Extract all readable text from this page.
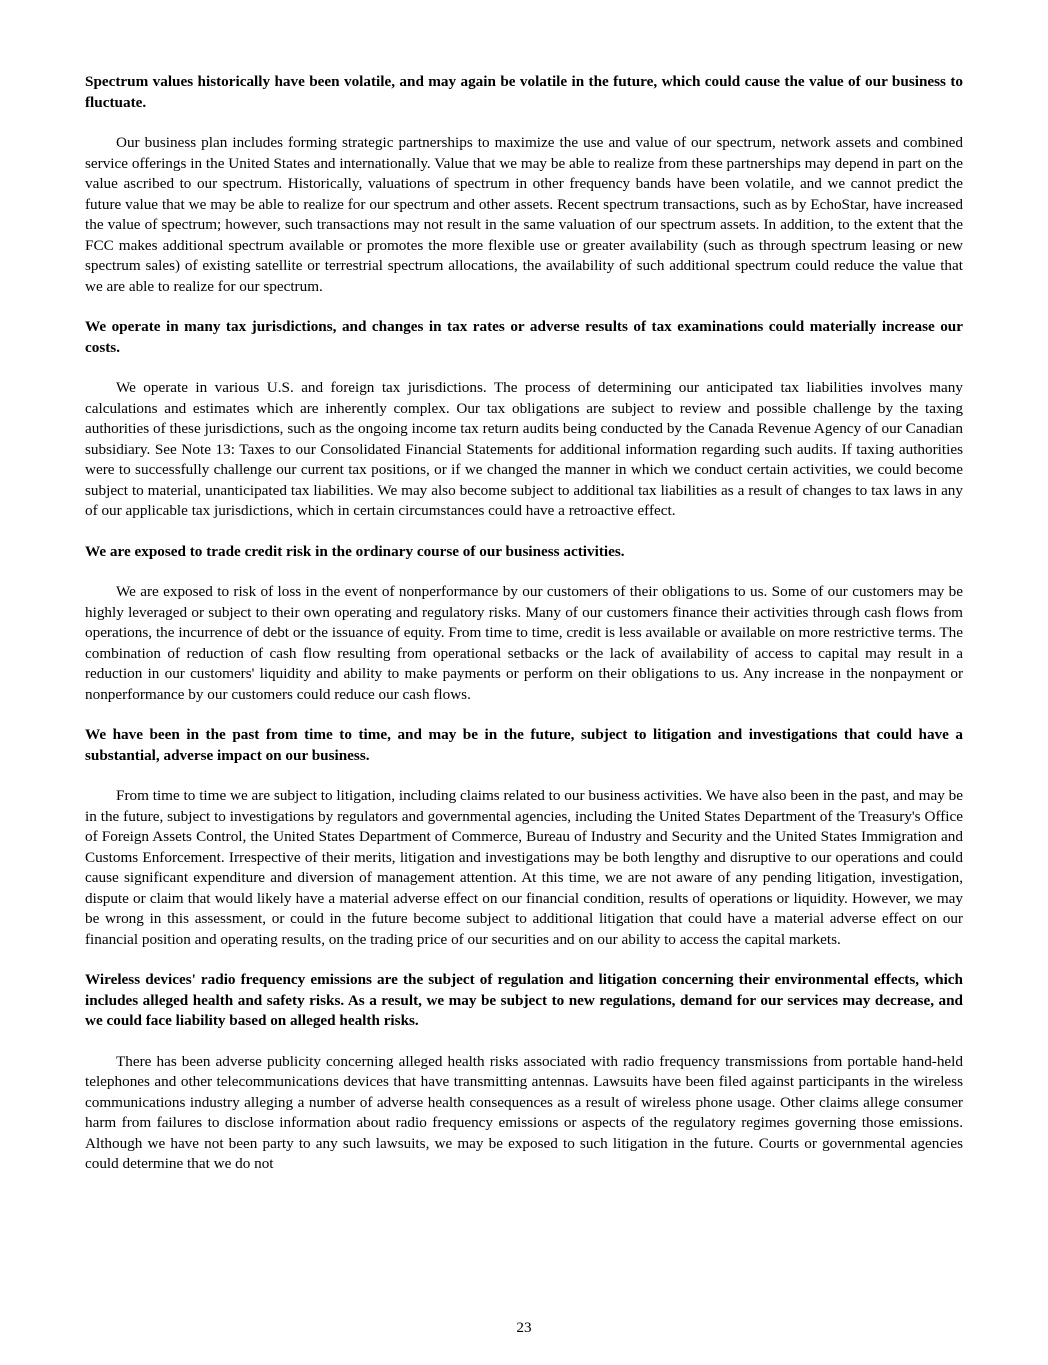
Spectrum values historically have been volatile, and may again be volatile in the future, which could cause the value of our business to fluctuate.

Our business plan includes forming strategic partnerships to maximize the use and value of our spectrum, network assets and combined service offerings in the United States and internationally. Value that we may be able to realize from these partnerships may depend in part on the value ascribed to our spectrum. Historically, valuations of spectrum in other frequency bands have been volatile, and we cannot predict the future value that we may be able to realize for our spectrum and other assets. Recent spectrum transactions, such as by EchoStar, have increased the value of spectrum; however, such transactions may not result in the same valuation of our spectrum assets. In addition, to the extent that the FCC makes additional spectrum available or promotes the more flexible use or greater availability (such as through spectrum leasing or new spectrum sales) of existing satellite or terrestrial spectrum allocations, the availability of such additional spectrum could reduce the value that we are able to realize for our spectrum.

We operate in many tax jurisdictions, and changes in tax rates or adverse results of tax examinations could materially increase our costs.

We operate in various U.S. and foreign tax jurisdictions. The process of determining our anticipated tax liabilities involves many calculations and estimates which are inherently complex. Our tax obligations are subject to review and possible challenge by the taxing authorities of these jurisdictions, such as the ongoing income tax return audits being conducted by the Canada Revenue Agency of our Canadian subsidiary. See Note 13: Taxes to our Consolidated Financial Statements for additional information regarding such audits. If taxing authorities were to successfully challenge our current tax positions, or if we changed the manner in which we conduct certain activities, we could become subject to material, unanticipated tax liabilities. We may also become subject to additional tax liabilities as a result of changes to tax laws in any of our applicable tax jurisdictions, which in certain circumstances could have a retroactive effect.

We are exposed to trade credit risk in the ordinary course of our business activities.

We are exposed to risk of loss in the event of nonperformance by our customers of their obligations to us. Some of our customers may be highly leveraged or subject to their own operating and regulatory risks. Many of our customers finance their activities through cash flows from operations, the incurrence of debt or the issuance of equity. From time to time, credit is less available or available on more restrictive terms. The combination of reduction of cash flow resulting from operational setbacks or the lack of availability of access to capital may result in a reduction in our customers' liquidity and ability to make payments or perform on their obligations to us. Any increase in the nonpayment or nonperformance by our customers could reduce our cash flows.

We have been in the past from time to time, and may be in the future, subject to litigation and investigations that could have a substantial, adverse impact on our business.

From time to time we are subject to litigation, including claims related to our business activities. We have also been in the past, and may be in the future, subject to investigations by regulators and governmental agencies, including the United States Department of the Treasury's Office of Foreign Assets Control, the United States Department of Commerce, Bureau of Industry and Security and the United States Immigration and Customs Enforcement. Irrespective of their merits, litigation and investigations may be both lengthy and disruptive to our operations and could cause significant expenditure and diversion of management attention. At this time, we are not aware of any pending litigation, investigation, dispute or claim that would likely have a material adverse effect on our financial condition, results of operations or liquidity. However, we may be wrong in this assessment, or could in the future become subject to additional litigation that could have a material adverse effect on our financial position and operating results, on the trading price of our securities and on our ability to access the capital markets.

Wireless devices' radio frequency emissions are the subject of regulation and litigation concerning their environmental effects, which includes alleged health and safety risks. As a result, we may be subject to new regulations, demand for our services may decrease, and we could face liability based on alleged health risks.

There has been adverse publicity concerning alleged health risks associated with radio frequency transmissions from portable hand-held telephones and other telecommunications devices that have transmitting antennas. Lawsuits have been filed against participants in the wireless communications industry alleging a number of adverse health consequences as a result of wireless phone usage. Other claims allege consumer harm from failures to disclose information about radio frequency emissions or aspects of the regulatory regimes governing those emissions. Although we have not been party to any such lawsuits, we may be exposed to such litigation in the future. Courts or governmental agencies could determine that we do not

23
